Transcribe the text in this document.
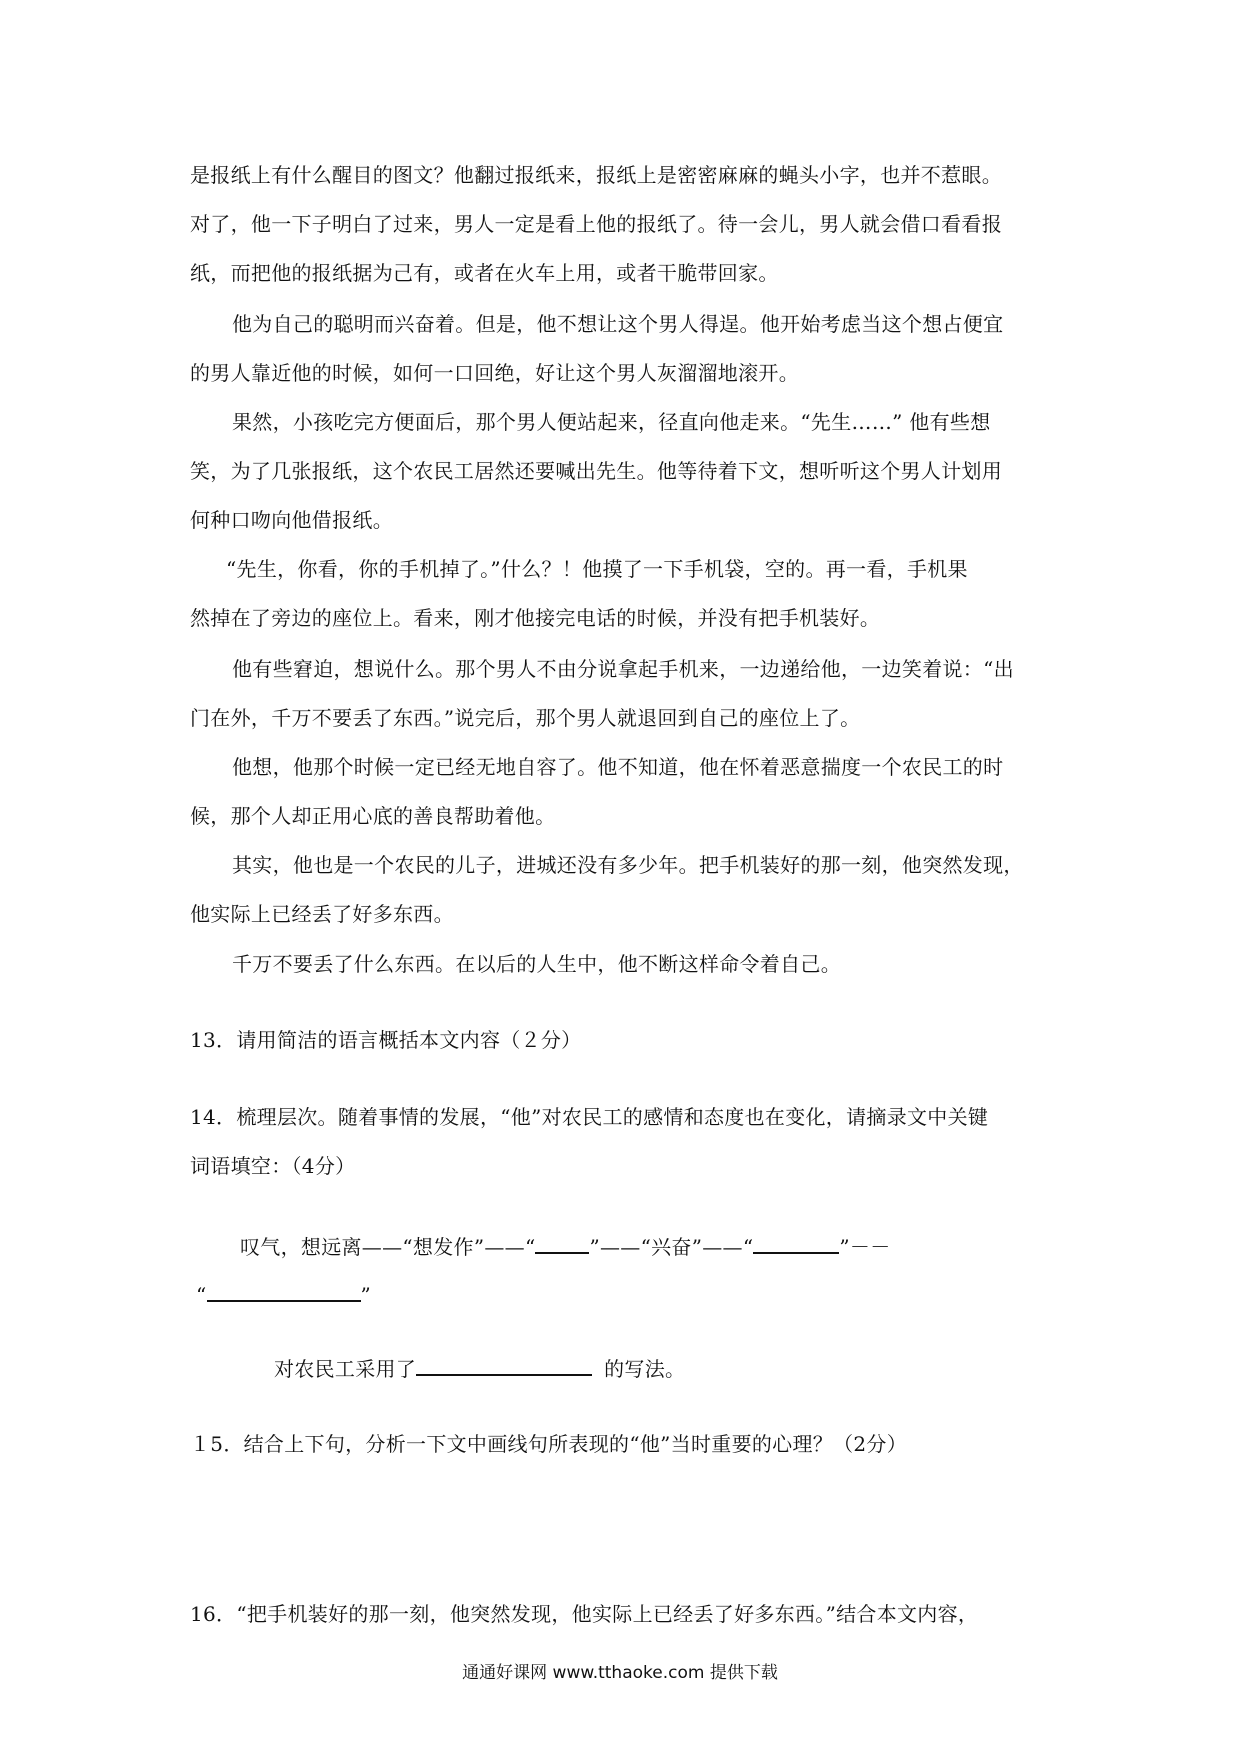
是报纸上有什么醒目的图文？他翻过报纸来，报纸上是密密麻麻的蝇头小字，也并不惹眼。
对了，他一下子明白了过来，男人一定是看上他的报纸了。待一会儿，男人就会借口看看报
纸，而把他的报纸据为己有，或者在火车上用，或者干脆带回家。
他为自己的聪明而兴奋着。但是，他不想让这个男人得逞。他开始考虑当这个想占便宜
的男人靠近他的时候，如何一口回绝，好让这个男人灰溜溜地滚开。
果然，小孩吃完方便面后，那个男人便站起来，径直向他走来。“先生……” 他有些想
笑，为了几张报纸，这个农民工居然还要喊出先生。他等待着下文，想听听这个男人计划用
何种口吻向他借报纸。
“先生，你看，你的手机掉了。”什么？！他摸了一下手机袋，空的。再一看，手机果
然掉在了旁边的座位上。看来，刚才他接完电话的时候，并没有把手机装好。
他有些窘迫，想说什么。那个男人不由分说拿起手机来，一边递给他，一边笑着说：“出
门在外，千万不要丢了东西。”说完后，那个男人就退回到自己的座位上了。
他想，他那个时候一定已经无地自容了。他不知道，他在怀着恶意揣度一个农民工的时
候，那个人却正用心底的善良帮助着他。
其实，他也是一个农民的儿子，进城还没有多少年。把手机装好的那一刻，他突然发现，
他实际上已经丢了好多东西。
千万不要丢了什么东西。在以后的人生中，他不断这样命令着自己。
13．请用简洁的语言概括本文内容（２分）
14．梳理层次。随着事情的发展，“他”对农民工的感情和态度也在变化，请摘录文中关键
词语填空：（4分）
叹气，想远离——“想发作”——“	”——“兴奋”——“	”－－
“	”
对农民工采用了	的写法。
１5．结合上下句，分析一下文中画线句所表现的“他”当时重要的心理？（2分）
16．“把手机装好的那一刻，他突然发现，他实际上已经丢了好多东西。”结合本文内容，
通通好课网 www.tthaoke.com 提供下载
